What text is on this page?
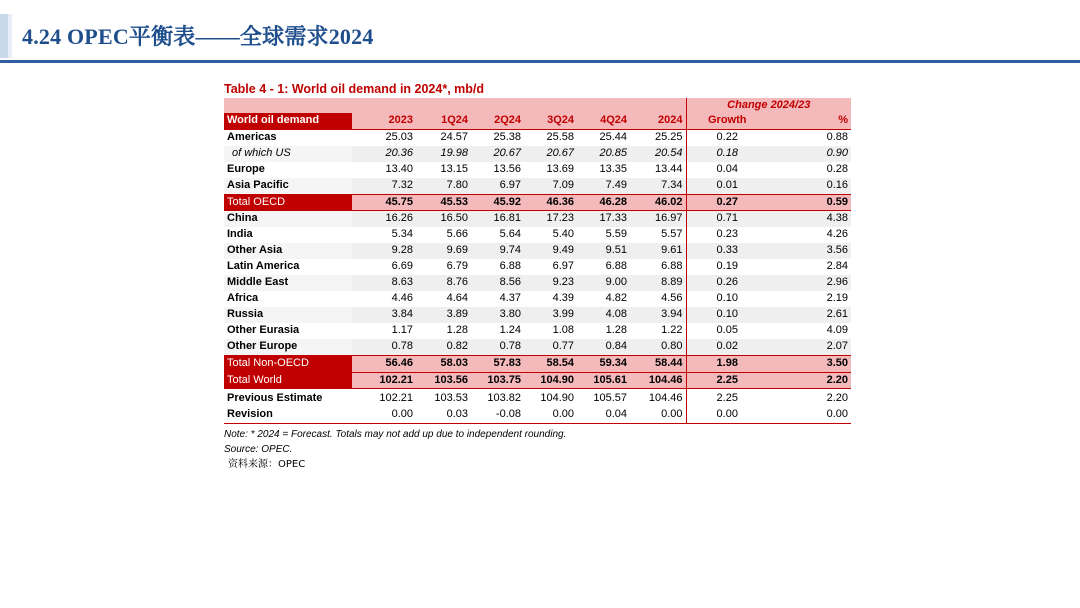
4.24 OPEC平衡表——全球需求2024
Table 4 - 1: World oil demand in 2024*, mb/d
							Change 2024/23	
World oil demand	2023	1Q24	2Q24	3Q24	4Q24	2024	Growth	%
Americas	25.03	24.57	25.38	25.58	25.44	25.25	0.22	0.88
of which US	20.36	19.98	20.67	20.67	20.85	20.54	0.18	0.90
Europe	13.40	13.15	13.56	13.69	13.35	13.44	0.04	0.28
Asia Pacific	7.32	7.80	6.97	7.09	7.49	7.34	0.01	0.16
Total OECD	45.75	45.53	45.92	46.36	46.28	46.02	0.27	0.59
China	16.26	16.50	16.81	17.23	17.33	16.97	0.71	4.38
India	5.34	5.66	5.64	5.40	5.59	5.57	0.23	4.26
Other Asia	9.28	9.69	9.74	9.49	9.51	9.61	0.33	3.56
Latin America	6.69	6.79	6.88	6.97	6.88	6.88	0.19	2.84
Middle East	8.63	8.76	8.56	9.23	9.00	8.89	0.26	2.96
Africa	4.46	4.64	4.37	4.39	4.82	4.56	0.10	2.19
Russia	3.84	3.89	3.80	3.99	4.08	3.94	0.10	2.61
Other Eurasia	1.17	1.28	1.24	1.08	1.28	1.22	0.05	4.09
Other Europe	0.78	0.82	0.78	0.77	0.84	0.80	0.02	2.07
Total Non-OECD	56.46	58.03	57.83	58.54	59.34	58.44	1.98	3.50
Total World	102.21	103.56	103.75	104.90	105.61	104.46	2.25	2.20
Previous Estimate	102.21	103.53	103.82	104.90	105.57	104.46	2.25	2.20
Revision	0.00	0.03	-0.08	0.00	0.04	0.00	0.00	0.00
Note: * 2024 = Forecast. Totals may not add up due to independent rounding.
Source: OPEC.
资料来源：OPEC
